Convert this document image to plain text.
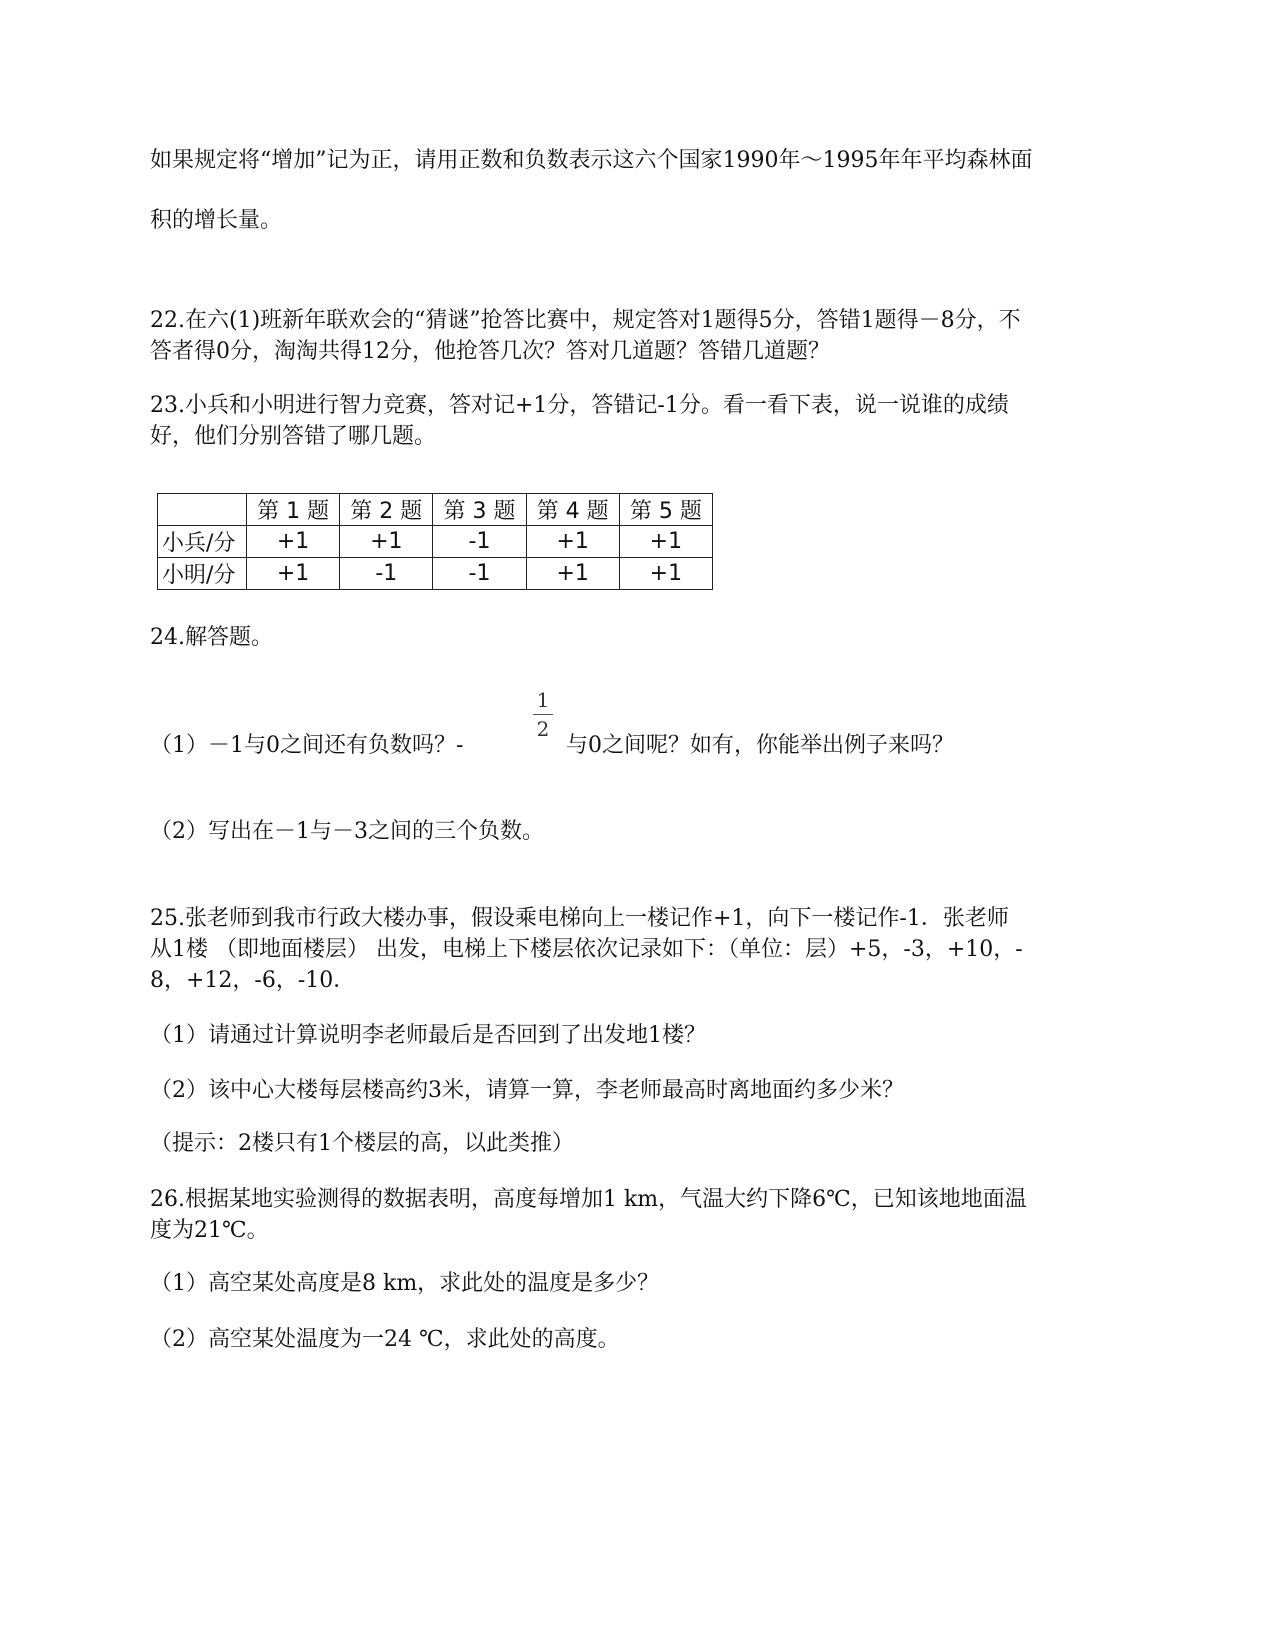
如果规定将“增加”记为正，请用正数和负数表示这六个国家1990年～1995年年平均森林面
积的增长量。
22.在六(1)班新年联欢会的“猜谜”抢答比赛中，规定答对1题得5分，答错1题得－8分，不
答者得0分，淘淘共得12分，他抢答几次？答对几道题？答错几道题？
23.小兵和小明进行智力竞赛，答对记+1分，答错记-1分。看一看下表，说一说谁的成绩
好，他们分别答错了哪几题。
	第 1 题	第 2 题	第 3 题	第 4 题	第 5 题
小兵/分	+1	+1	-1	+1	+1
小明/分	+1	-1	-1	+1	+1
24.解答题。
1
2
（1）－1与0之间还有负数吗？-	与0之间呢？如有，你能举出例子来吗？
（2）写出在－1与－3之间的三个负数。
25.张老师到我市行政大楼办事，假设乘电梯向上一楼记作+1，向下一楼记作-1．张老师
从1楼 （即地面楼层） 出发，电梯上下楼层依次记录如下：（单位：层）+5，-3，+10，-
8，+12，-6，-10．
（1）请通过计算说明李老师最后是否回到了出发地1楼？
（2）该中心大楼每层楼高约3米，请算一算，李老师最高时离地面约多少米？
（提示：2楼只有1个楼层的高，以此类推）
26.根据某地实验测得的数据表明，高度每增加1 km，气温大约下降6℃，已知该地地面温
度为21℃。
（1）高空某处高度是8 km，求此处的温度是多少？
（2）高空某处温度为一24 ℃，求此处的高度。
